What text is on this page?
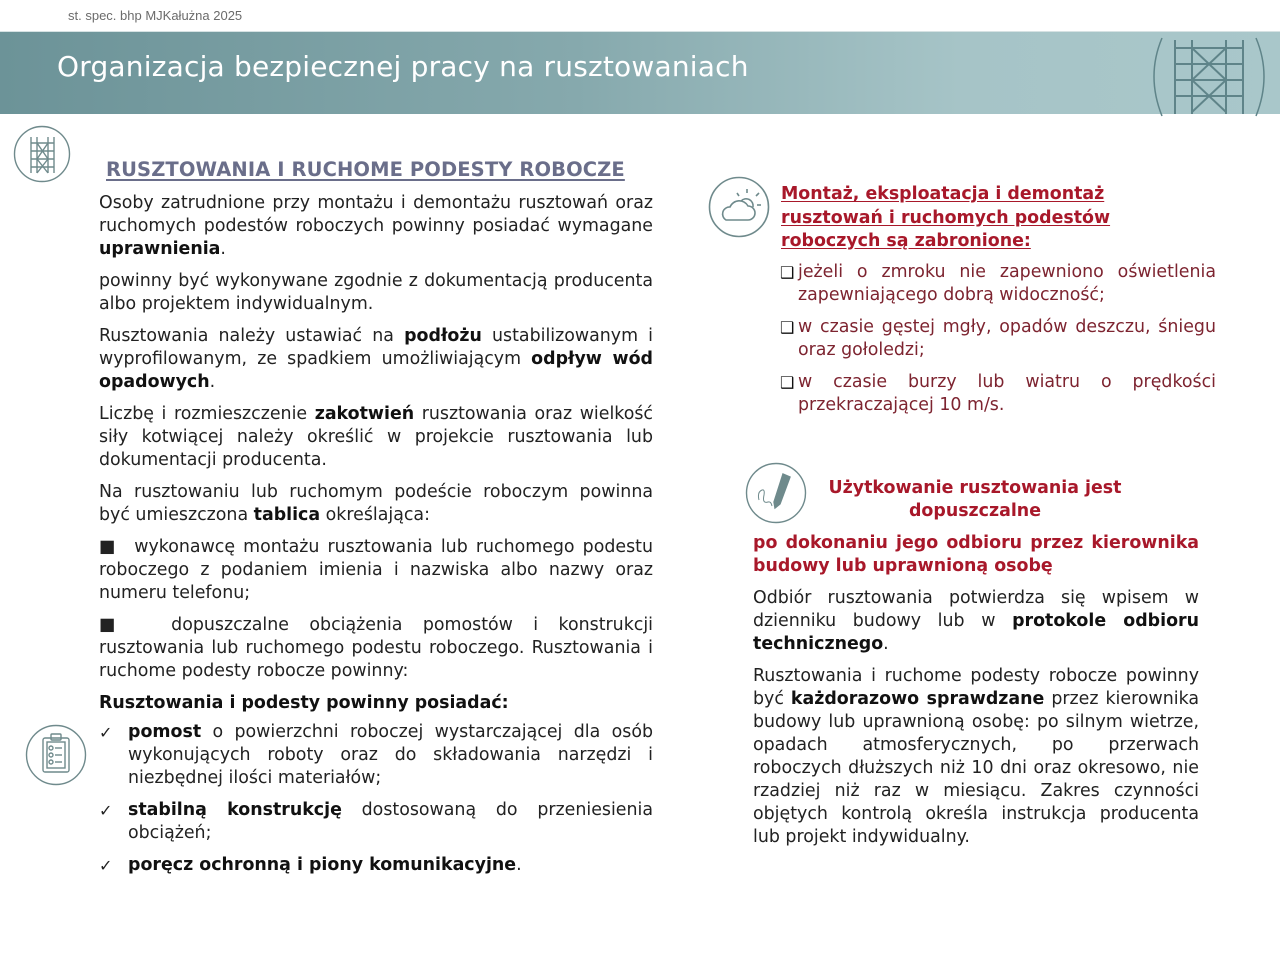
st. spec. bhp MJKałużna 2025
Organizacja bezpiecznej pracy na rusztowaniach
RUSZTOWANIA I RUCHOME PODESTY ROBOCZE

Osoby zatrudnione przy montażu i demontażu rusztowań oraz ruchomych podestów roboczych powinny posiadać wymagane uprawnienia.

powinny być wykonywane zgodnie z dokumentacją producenta albo projektem indywidualnym.

Rusztowania należy ustawiać na podłożu ustabilizowanym i wyprofilowanym, ze spadkiem umożliwiającym odpływ wód opadowych.

Liczbę i rozmieszczenie zakotwień rusztowania oraz wielkość siły kotwiącej należy określić w projekcie rusztowania lub dokumentacji producenta.

Na rusztowaniu lub ruchomym podeście roboczym powinna być umieszczona tablica określająca:

■ wykonawcę montażu rusztowania lub ruchomego podestu roboczego z podaniem imienia i nazwiska albo nazwy oraz numeru telefonu;

■ dopuszczalne obciążenia pomostów i konstrukcji rusztowania lub ruchomego podestu roboczego. Rusztowania i ruchome podesty robocze powinny:

Rusztowania i podesty powinny posiadać:
✓ pomost o powierzchni roboczej wystarczającej dla osób wykonujących roboty oraz do składowania narzędzi i niezbędnej ilości materiałów;
✓ stabilną konstrukcję dostosowaną do przeniesienia obciążeń;
✓ poręcz ochronną i piony komunikacyjne.
Montaż, eksploatacja i demontaż rusztowań i ruchomych podestów roboczych są zabronione:
❑ jeżeli o zmroku nie zapewniono oświetlenia zapewniającego dobrą widoczność;
❑ w czasie gęstej mgły, opadów deszczu, śniegu oraz gołoledzi;
❑ w czasie burzy lub wiatru o prędkości przekraczającej 10 m/s.
Użytkowanie rusztowania jest dopuszczalne
po dokonaniu jego odbioru przez kierownika budowy lub uprawnioną osobę

Odbiór rusztowania potwierdza się wpisem w dzienniku budowy lub w protokole odbioru technicznego.

Rusztowania i ruchome podesty robocze powinny być każdorazowo sprawdzane przez kierownika budowy lub uprawnioną osobę: po silnym wietrze, opadach atmosferycznych, po przerwach roboczych dłuższych niż 10 dni oraz okresowo, nie rzadziej niż raz w miesiącu. Zakres czynności objętych kontrolą określa instrukcja producenta lub projekt indywidualny.
